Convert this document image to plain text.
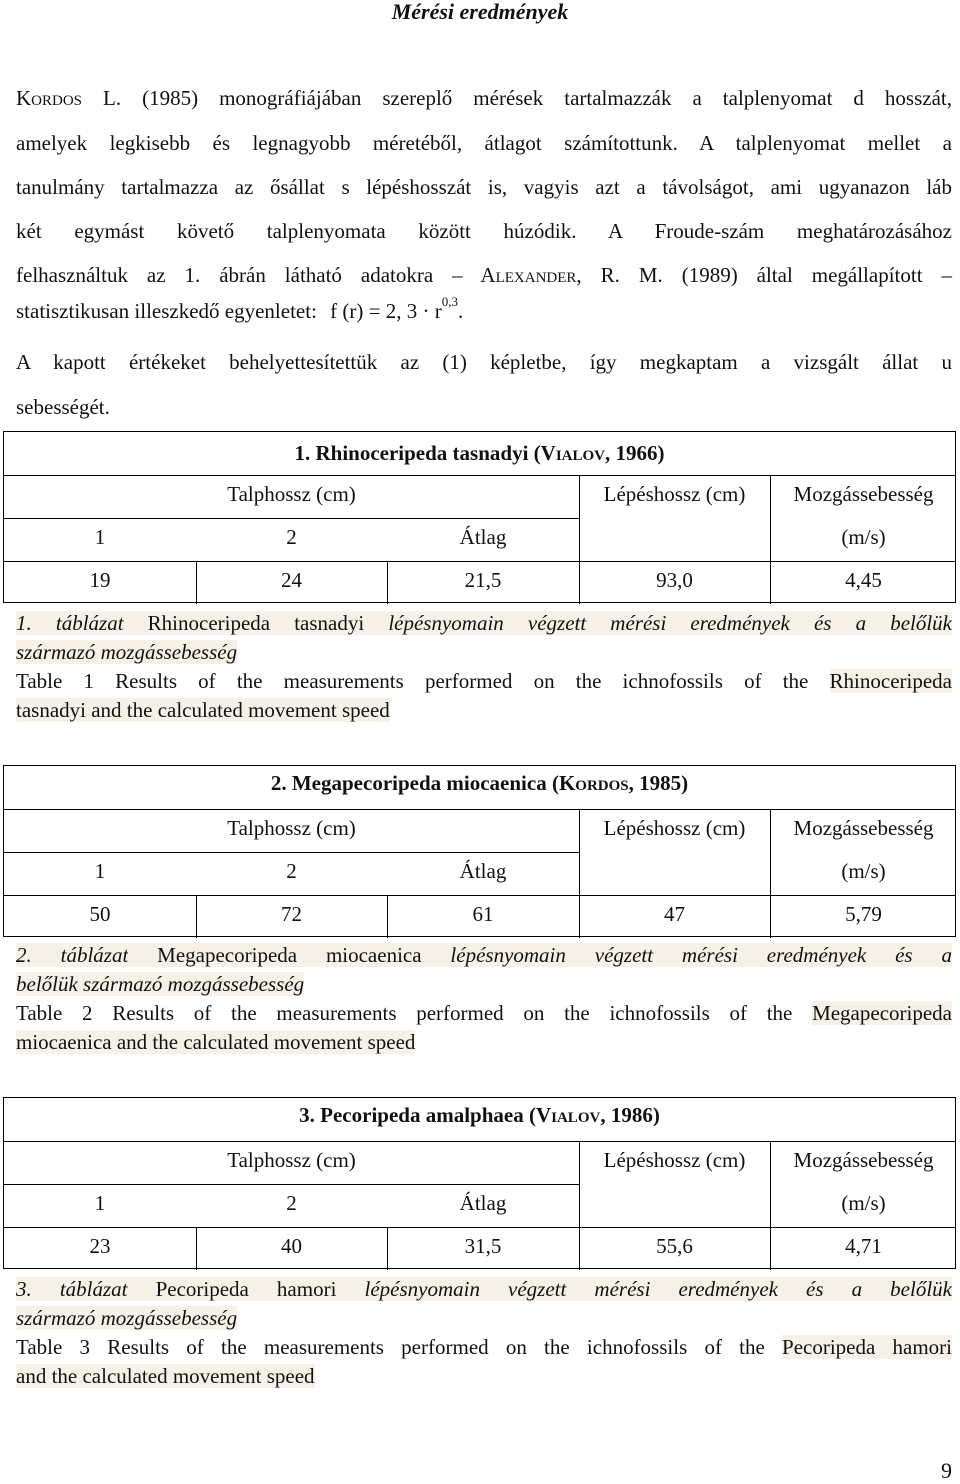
Mérési eredmények
KORDOS L. (1985) monográfiájában szereplő mérések tartalmazzák a talplenyomat d hosszát,
amelyek legkisebb és legnagyobb méretéből, átlagot számítottunk. A talplenyomat mellet a
tanulmány tartalmazza az ősállat s lépéshosszát is, vagyis azt a távolságot, ami ugyanazon láb
két egymást követő talplenyomata között húzódik. A Froude-szám meghatározásához
felhasználtuk az 1. ábrán látható adatokra – ALEXANDER, R. M. (1989) által megállapított –
statisztikusan illeszkedő egyenletet: f (r) = 2, $3 \cdot r^{0,3}$.
A kapott értékeket behelyettesítettük az (1) képletbe, így megkaptam a vizsgált állat u
sebességét.
1. Rhinoceripeda tasnadyi (VIALOV, 1966)
Talphossz (cm)	Lépéshossz (cm)	Mozgássebesség
1	2	Átlag	(m/s)
19	24	21,5	93,0	4,45
1. táblázat Rhinoceripeda tasnadyi lépésnyomain végzett mérési eredmények és a belőlük
származó mozgássebesség
Table 1 Results of the measurements performed on the ichnofossils of the Rhinoceripeda
tasnadyi and the calculated movement speed
2. Megapecoripeda miocaenica (KORDOS, 1985)
Talphossz (cm)	Lépéshossz (cm)	Mozgássebesség
1	2	Átlag	(m/s)
50	72	61	47	5,79
2. táblázat Megapecoripeda miocaenica lépésnyomain végzett mérési eredmények és a
belőlük származó mozgássebesség
Table 2 Results of the measurements performed on the ichnofossils of the Megapecoripeda
miocaenica and the calculated movement speed
3. Pecoripeda amalphaea (VIALOV, 1986)
Talphossz (cm)	Lépéshossz (cm)	Mozgássebesség
1	2	Átlag	(m/s)
23	40	31,5	55,6	4,71
3. táblázat Pecoripeda hamori lépésnyomain végzett mérési eredmények és a belőlük
származó mozgássebesség
Table 3 Results of the measurements performed on the ichnofossils of the Pecoripeda hamori
and the calculated movement speed
9
